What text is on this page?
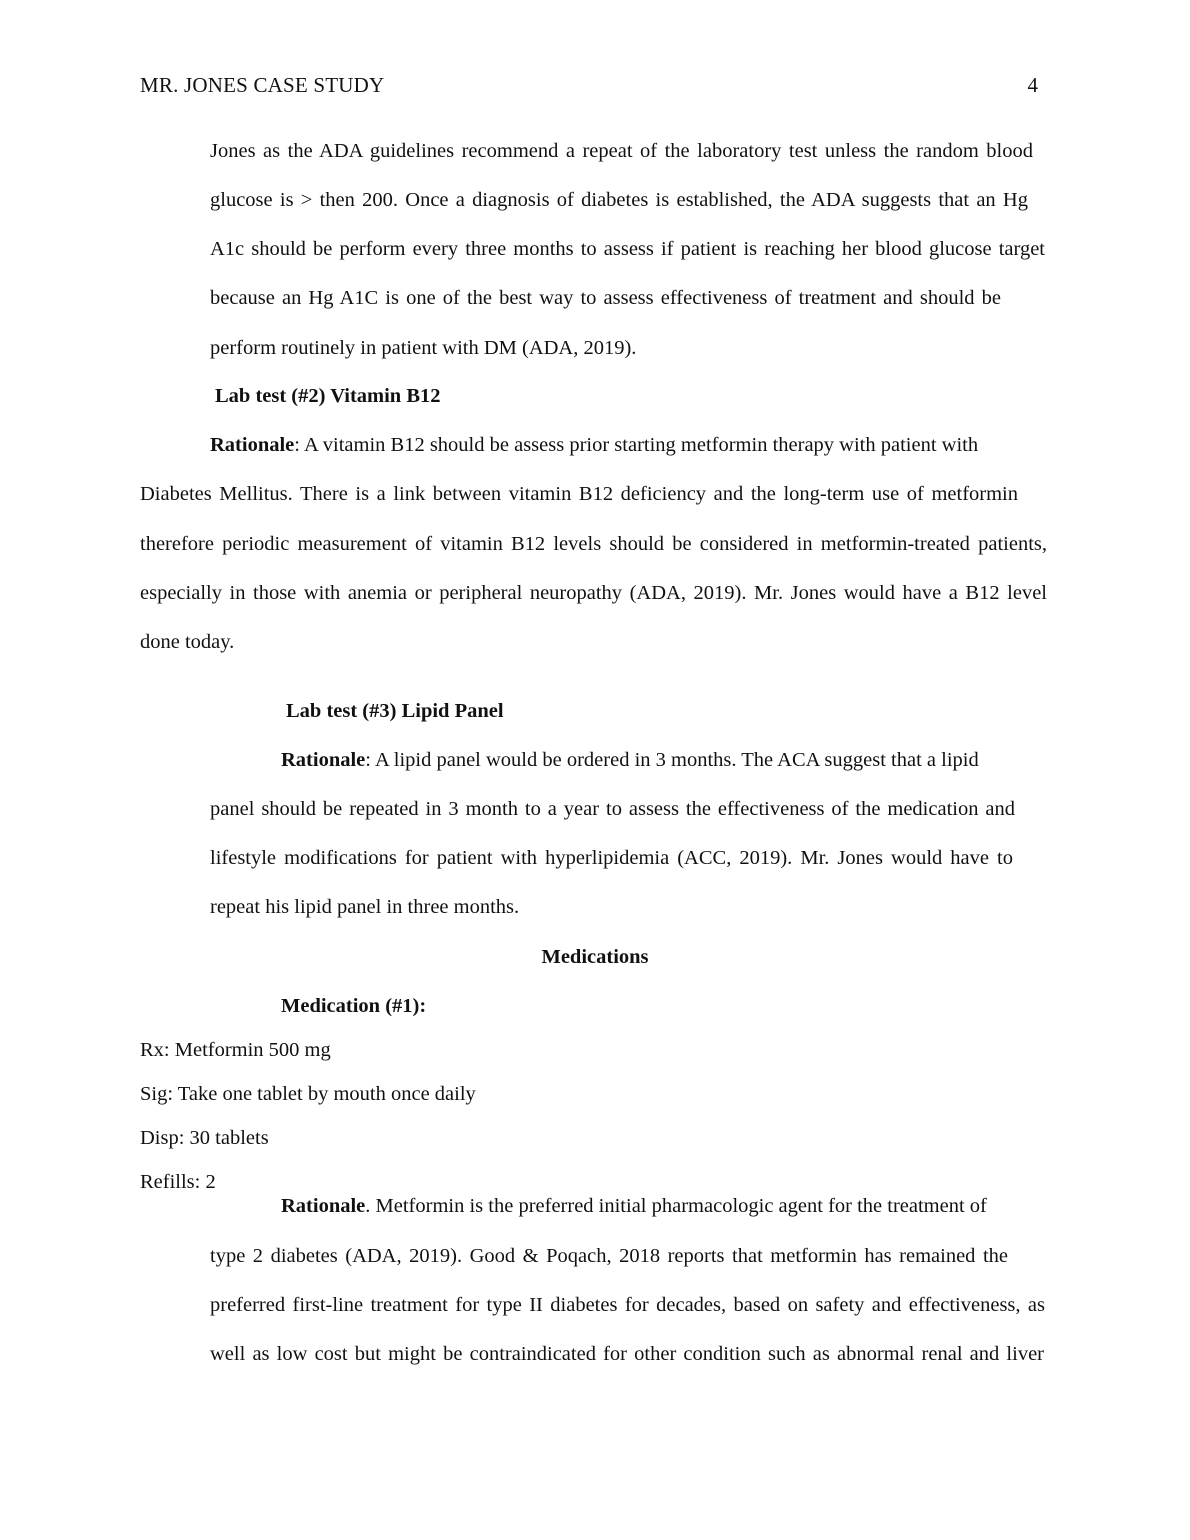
MR. JONES CASE STUDY	4
Jones as the ADA guidelines recommend a repeat of the laboratory test unless the random blood
glucose is > then 200. Once a diagnosis of diabetes is established, the ADA suggests that an Hg
A1c should be perform every three months to assess if patient is reaching her blood glucose target
because an Hg A1C is one of the best way to assess effectiveness of treatment and should be
perform routinely in patient with DM (ADA, 2019).
Lab test (#2) Vitamin B12
Rationale: A vitamin B12 should be assess prior starting metformin therapy with patient with
Diabetes Mellitus. There is a link between vitamin B12 deficiency and the long-term use of metformin
therefore periodic measurement of vitamin B12 levels should be considered in metformin-treated patients,
especially in those with anemia or peripheral neuropathy (ADA, 2019). Mr. Jones would have a B12 level
done today.
Lab test (#3) Lipid Panel
Rationale: A lipid panel would be ordered in 3 months. The ACA suggest that a lipid
panel should be repeated in 3 month to a year to assess the effectiveness of the medication and
lifestyle modifications for patient with hyperlipidemia (ACC, 2019). Mr. Jones would have to
repeat his lipid panel in three months.
Medications
Medication (#1):
Rx: Metformin 500 mg
Sig: Take one tablet by mouth once daily
Disp: 30 tablets
Refills: 2
Rationale. Metformin is the preferred initial pharmacologic agent for the treatment of
type 2 diabetes (ADA, 2019). Good & Poqach, 2018 reports that metformin has remained the
preferred first-line treatment for type II diabetes for decades, based on safety and effectiveness, as
well as low cost but might be contraindicated for other condition such as abnormal renal and liver
